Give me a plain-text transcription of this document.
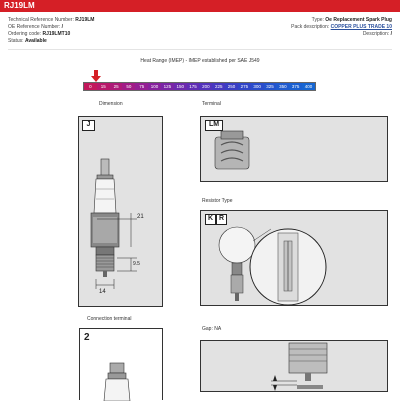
RJ19LM
Technical Reference Number: RJ19LM
OE Reference Number: /
Ordering code: RJ19LMT10
Status: Available
Type: Oe Replacement Spark Plug
Pack description: COPPER PLUS TRADE 10
Description: /
Heat Range (IMEP) - IMEP established per SAE J549
0	15	25	50	75	100	125	150	175	200	225	250	275	300	325	350	375	400
Dimension
J
21
9.5
14
Terminal
LM
Resistor Type
K R
Connection terminal
2
Gap: NA
